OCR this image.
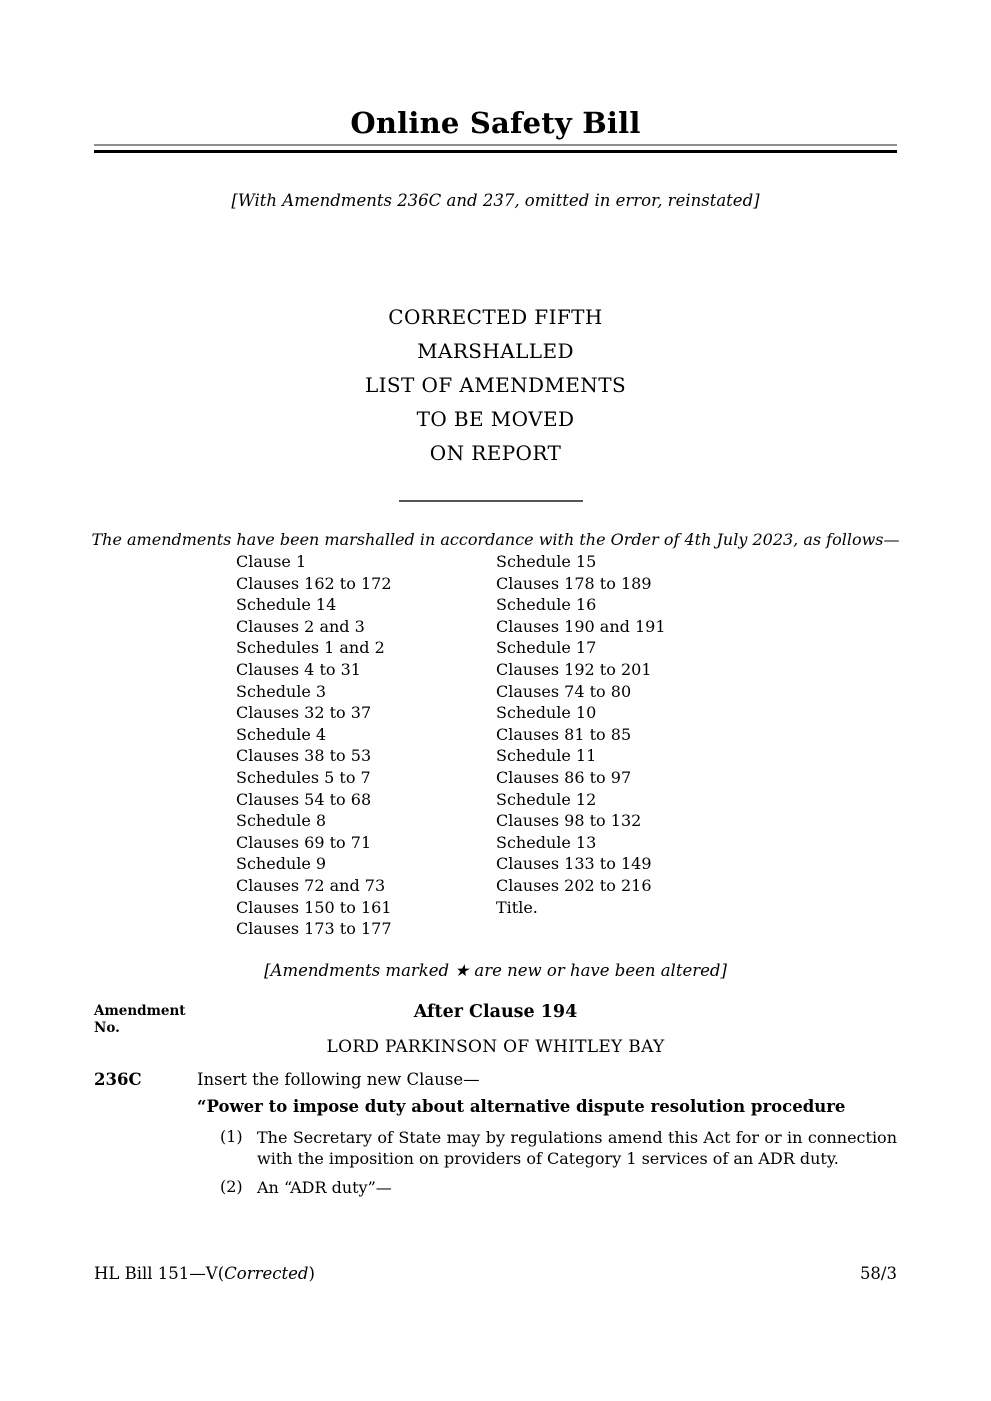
Online Safety Bill
[With Amendments 236C and 237, omitted in error, reinstated]
CORRECTED FIFTH
MARSHALLED
LIST OF AMENDMENTS
TO BE MOVED
ON REPORT
The amendments have been marshalled in accordance with the Order of 4th July 2023, as follows—
Clause 1
Clauses 162 to 172
Schedule 14
Clauses 2 and 3
Schedules 1 and 2
Clauses 4 to 31
Schedule 3
Clauses 32 to 37
Schedule 4
Clauses 38 to 53
Schedules 5 to 7
Clauses 54 to 68
Schedule 8
Clauses 69 to 71
Schedule 9
Clauses 72 and 73
Clauses 150 to 161
Clauses 173 to 177
Schedule 15
Clauses 178 to 189
Schedule 16
Clauses 190 and 191
Schedule 17
Clauses 192 to 201
Clauses 74 to 80
Schedule 10
Clauses 81 to 85
Schedule 11
Clauses 86 to 97
Schedule 12
Clauses 98 to 132
Schedule 13
Clauses 133 to 149
Clauses 202 to 216
Title.
[Amendments marked ★ are new or have been altered]
Amendment
No.
After Clause 194
LORD PARKINSON OF WHITLEY BAY
236C	Insert the following new Clause—
“Power to impose duty about alternative dispute resolution procedure
(1) The Secretary of State may by regulations amend this Act for or in connection
with the imposition on providers of Category 1 services of an ADR duty.
(2) An “ADR duty”—
HL Bill 151—V(Corrected)	58/3
